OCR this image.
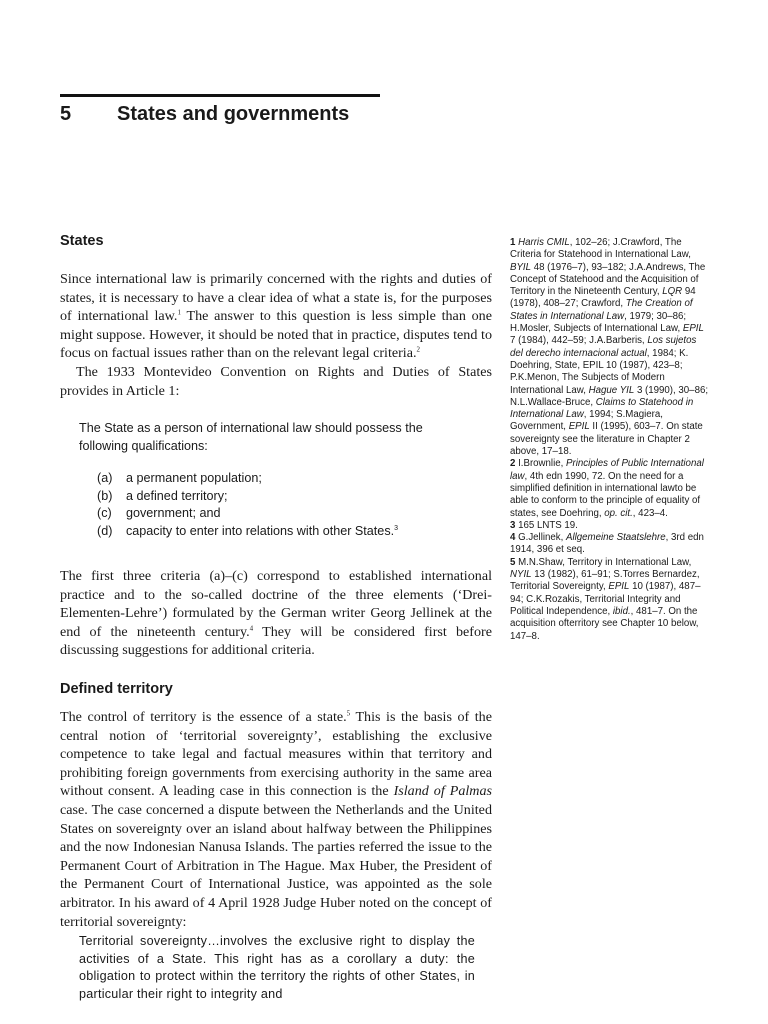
5 States and governments
States

Since international law is primarily concerned with the rights and duties of states, it is necessary to have a clear idea of what a state is, for the purposes of international law.$^1$ The answer to this question is less simple than one might suppose. However, it should be noted that in practice, disputes tend to focus on factual issues rather than on the relevant legal criteria.$^2$

The 1933 Montevideo Convention on Rights and Duties of States provides in Article 1:

The State as a person of international law should possess the following qualifications:

(a)	a permanent population;
(b)	a defined territory;
(c)	government; and
(d)	capacity to enter into relations with other States.$^3$

The first three criteria (a)–(c) correspond to established international practice and to the so-called doctrine of the three elements (‘Drei-Elementen-Lehre’) formulated by the German writer Georg Jellinek at the end of the nineteenth century.$^4$ They will be considered first before discussing suggestions for additional criteria.

Defined territory

The control of territory is the essence of a state.$^5$ This is the basis of the central notion of ‘territorial sovereignty’, establishing the exclusive competence to take legal and factual measures within that territory and prohibiting foreign governments from exercising authority in the same area without consent. A leading case in this connection is the Island of Palmas case. The case concerned a dispute between the Netherlands and the United States on sovereignty over an island about halfway between the Philippines and the now Indonesian Nanusa Islands. The parties referred the issue to the Permanent Court of Arbitration in The Hague. Max Huber, the President of the Permanent Court of International Justice, was appointed as the sole arbitrator. In his award of 4 April 1928 Judge Huber noted on the concept of territorial sovereignty:

Territorial sovereignty…involves the exclusive right to display the activities of a State. This right has as a corollary a duty: the obligation to protect within the territory the rights of other States, in particular their right to integrity and

1 Harris CMIL, 102–26; J.Crawford, The Criteria for Statehood in International Law, BYIL 48 (1976–7), 93–182; J.A.Andrews, The Concept of Statehood and the Acquisition of Territory in the Nineteenth Century, LQR 94 (1978), 408–27; Crawford, The Creation of States in International Law, 1979; 30–86; H.Mosler, Subjects of International Law, EPIL 7 (1984), 442–59; J.A.Barberis, Los sujetos del derecho internacional actual, 1984; K. Doehring, State, EPIL 10 (1987), 423–8; P.K.Menon, The Subjects of Modern International Law, Hague YIL 3 (1990), 30–86; N.L.Wallace-Bruce, Claims to Statehood in International Law, 1994; S.Magiera, Government, EPIL II (1995), 603–7. On state sovereignty see the literature in Chapter 2 above, 17–18.

2 I.Brownlie, Principles of Public International law, 4th edn 1990, 72. On the need for a simplified definition in international lawto be able to conform to the principle of equality of states, see Doehring, op. cit., 423–4.

3 165 LNTS 19.

4 G.Jellinek, Allgemeine Staatslehre, 3rd edn 1914, 396 et seq.

5 M.N.Shaw, Territory in International Law, NYIL 13 (1982), 61–91; S.Torres Bernardez, Territorial Sovereignty, EPIL 10 (1987), 487–94; C.K.Rozakis, Territorial Integrity and Political Independence, ibid., 481–7. On the acquisition ofterritory see Chapter 10 below, 147–8.
